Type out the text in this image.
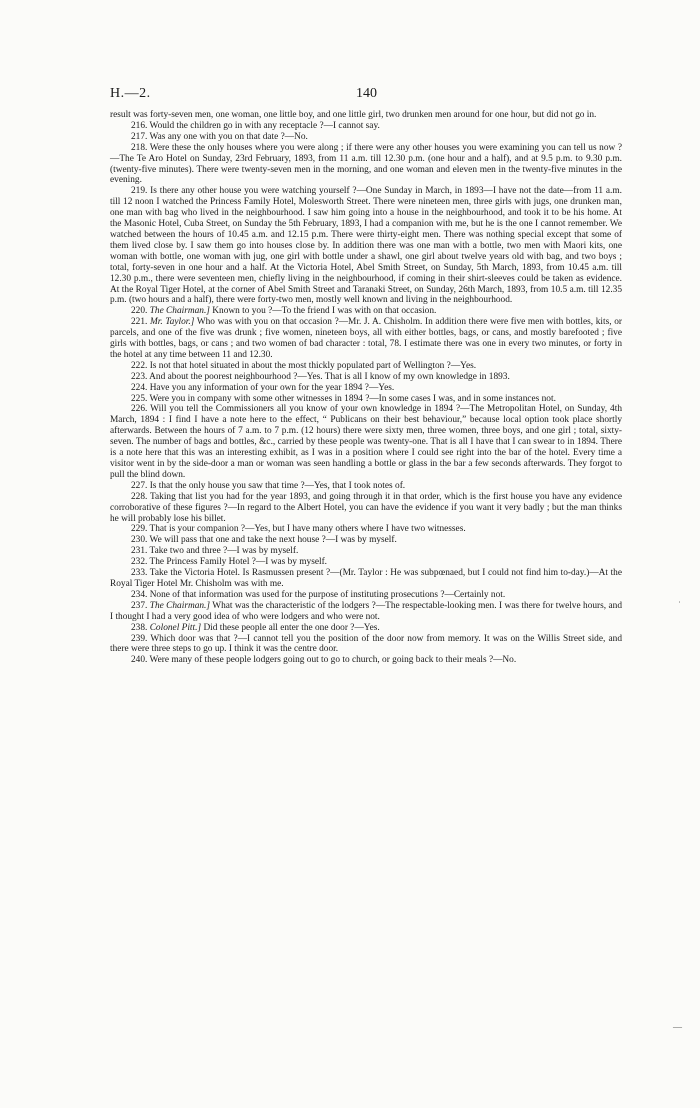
H.—2.	140

result was forty-seven men, one woman, one little boy, and one little girl, two drunken men around for one hour, but did not go in.

216. Would the children go in with any receptacle ?—I cannot say.

217. Was any one with you on that date ?—No.

218. Were these the only houses where you were along ; if there were any other houses you were examining you can tell us now ?—The Te Aro Hotel on Sunday, 23rd February, 1893, from 11 a.m. till 12.30 p.m. (one hour and a half), and at 9.5 p.m. to 9.30 p.m. (twenty-five minutes). There were twenty-seven men in the morning, and one woman and eleven men in the twenty-five minutes in the evening.

219. Is there any other house you were watching yourself ?—One Sunday in March, in 1893—I have not the date—from 11 a.m. till 12 noon I watched the Princess Family Hotel, Molesworth Street. There were nineteen men, three girls with jugs, one drunken man, one man with bag who lived in the neighbourhood. I saw him going into a house in the neighbourhood, and took it to be his home. At the Masonic Hotel, Cuba Street, on Sunday the 5th February, 1893, I had a companion with me, but he is the one I cannot remember. We watched between the hours of 10.45 a.m. and 12.15 p.m. There were thirty-eight men. There was nothing special except that some of them lived close by. I saw them go into houses close by. In addition there was one man with a bottle, two men with Maori kits, one woman with bottle, one woman with jug, one girl with bottle under a shawl, one girl about twelve years old with bag, and two boys ; total, forty-seven in one hour and a half. At the Victoria Hotel, Abel Smith Street, on Sunday, 5th March, 1893, from 10.45 a.m. till 12.30 p.m., there were seventeen men, chiefly living in the neighbourhood, if coming in their shirt-sleeves could be taken as evidence. At the Royal Tiger Hotel, at the corner of Abel Smith Street and Taranaki Street, on Sunday, 26th March, 1893, from 10.5 a.m. till 12.35 p.m. (two hours and a half), there were forty-two men, mostly well known and living in the neighbourhood.

220. The Chairman.] Known to you ?—To the friend I was with on that occasion.

221. Mr. Taylor.] Who was with you on that occasion ?—Mr. J. A. Chisholm. In addition there were five men with bottles, kits, or parcels, and one of the five was drunk ; five women, nineteen boys, all with either bottles, bags, or cans, and mostly barefooted ; five girls with bottles, bags, or cans ; and two women of bad character : total, 78. I estimate there was one in every two minutes, or forty in the hotel at any time between 11 and 12.30.

222. Is not that hotel situated in about the most thickly populated part of Wellington ?—Yes.

223. And about the poorest neighbourhood ?—Yes. That is all I know of my own knowledge in 1893.

224. Have you any information of your own for the year 1894 ?—Yes.

225. Were you in company with some other witnesses in 1894 ?—In some cases I was, and in some instances not.

226. Will you tell the Commissioners all you know of your own knowledge in 1894 ?—The Metropolitan Hotel, on Sunday, 4th March, 1894 : I find I have a note here to the effect, “ Publicans on their best behaviour,” because local option took place shortly afterwards. Between the hours of 7 a.m. to 7 p.m. (12 hours) there were sixty men, three women, three boys, and one girl ; total, sixty-seven. The number of bags and bottles, &c., carried by these people was twenty-one. That is all I have that I can swear to in 1894. There is a note here that this was an interesting exhibit, as I was in a position where I could see right into the bar of the hotel. Every time a visitor went in by the side-door a man or woman was seen handling a bottle or glass in the bar a few seconds afterwards. They forgot to pull the blind down.

227. Is that the only house you saw that time ?—Yes, that I took notes of.

228. Taking that list you had for the year 1893, and going through it in that order, which is the first house you have any evidence corroborative of these figures ?—In regard to the Albert Hotel, you can have the evidence if you want it very badly ; but the man thinks he will probably lose his billet.

229. That is your companion ?—Yes, but I have many others where I have two witnesses.

230. We will pass that one and take the next house ?—I was by myself.

231. Take two and three ?—I was by myself.

232. The Princess Family Hotel ?—I was by myself.

233. Take the Victoria Hotel. Is Rasmussen present ?—(Mr. Taylor : He was subpœnaed, but I could not find him to-day.)—At the Royal Tiger Hotel Mr. Chisholm was with me.

234. None of that information was used for the purpose of instituting prosecutions ?—Certainly not.

237. The Chairman.] What was the characteristic of the lodgers ?—The respectable-looking men. I was there for twelve hours, and I thought I had a very good idea of who were lodgers and who were not.

238. Colonel Pitt.] Did these people all enter the one door ?—Yes.

239. Which door was that ?—I cannot tell you the position of the door now from memory. It was on the Willis Street side, and there were three steps to go up. I think it was the centre door.

240. Were many of these people lodgers going out to go to church, or going back to their meals ?—No.

˙
—
